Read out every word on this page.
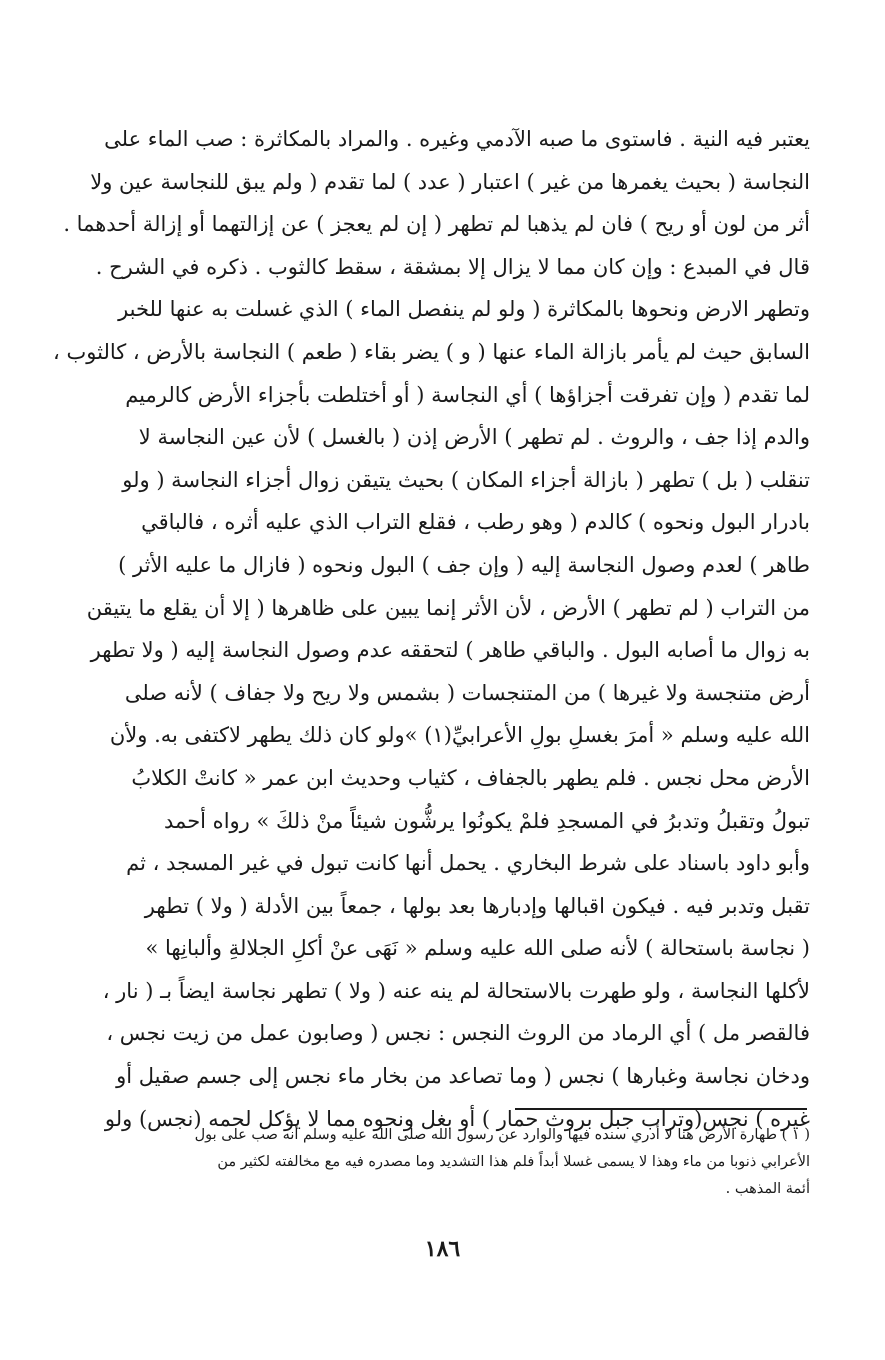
يعتبر فيه النية . فاستوى ما صبه الآدمي وغيره . والمراد بالمكاثرة : صب الماء على
النجاسة ( بحيث يغمرها من غير ) اعتبار ( عدد ) لما تقدم ( ولم يبق للنجاسة عين ولا
أثر من لون أو ريح ) فان لم يذهبا لم تطهر ( إن لم يعجز ) عن إزالتهما أو إزالة أحدهما .
قال في المبدع : وإن كان مما لا يزال إلا بمشقة ، سقط كالثوب . ذكره في الشرح .
وتطهر الارض ونحوها بالمكاثرة ( ولو لم ينفصل الماء ) الذي غسلت به عنها للخبر
السابق حيث لم يأمر بازالة الماء عنها ( و ) يضر بقاء ( طعم ) النجاسة بالأرض ، كالثوب ،
لما تقدم ( وإن تفرقت أجزاؤها ) أي النجاسة ( أو أختلطت بأجزاء الأرض كالرميم
والدم إذا جف ، والروث . لم تطهر ) الأرض إذن ( بالغسل ) لأن عين النجاسة لا
تنقلب ( بل ) تطهر ( بازالة أجزاء المكان ) بحيث يتيقن زوال أجزاء النجاسة ( ولو
بادرار البول ونحوه ) كالدم ( وهو رطب ، فقلع التراب الذي عليه أثره ، فالباقي
طاهر ) لعدم وصول النجاسة إليه ( وإن جف ) البول ونحوه ( فازال ما عليه الأثر )
من التراب ( لم تطهر ) الأرض ، لأن الأثر إنما يبين على ظاهرها ( إلا أن يقلع ما يتيقن
به زوال ما أصابه البول . والباقي طاهر ) لتحققه عدم وصول النجاسة إليه ( ولا تطهر
أرض متنجسة ولا غيرها ) من المتنجسات ( بشمس ولا ريح ولا جفاف ) لأنه صلى
الله عليه وسلم « أمرَ بغسلِ بولِ الأعرابيِّ(١) »ولو كان ذلك يطهر لاكتفى به. ولأن
الأرض محل نجس . فلم يطهر بالجفاف ، كثياب وحديث ابن عمر « كانتْ الكلابُ
تبولُ وتقبلُ وتدبرُ في المسجدِ فلمْ يكونُوا يرشُّون شيئاً منْ ذلكَ » رواه أحمد
وأبو داود باسناد على شرط البخاري . يحمل أنها كانت تبول في غير المسجد ، ثم
تقبل وتدبر فيه . فيكون اقبالها وإدبارها بعد بولها ، جمعاً بين الأدلة ( ولا ) تطهر
( نجاسة باستحالة ) لأنه صلى الله عليه وسلم « نَهَى عنْ أكلِ الجلالةِ وألبانِها »
لأكلها النجاسة ، ولو طهرت بالاستحالة لم ينه عنه ( ولا ) تطهر نجاسة ايضاً بـ ( نار ،
فالقصر مل ) أي الرماد من الروث النجس : نجس ( وصابون عمل من زيت نجس ،
ودخان نجاسة وغبارها ) نجس ( وما تصاعد من بخار ماء نجس إلى جسم صقيل أو
غيره ) نجس(وتراب جبل بروث حمار ) أو بغل ونحوه مما لا يؤكل لحمه (نجس) ولو
( ١ ) طهارة الأرض هنا لا أدري سنده فيها والوارد عن رسول الله صلى الله عليه وسلم أنه صب على بول
الأعرابي ذنوبا من ماء وهذا لا يسمى غسلا أبداً فلم هذا التشديد وما مصدره فيه مع مخالفته لكثير من
أئمة المذهب .
١٨٦
